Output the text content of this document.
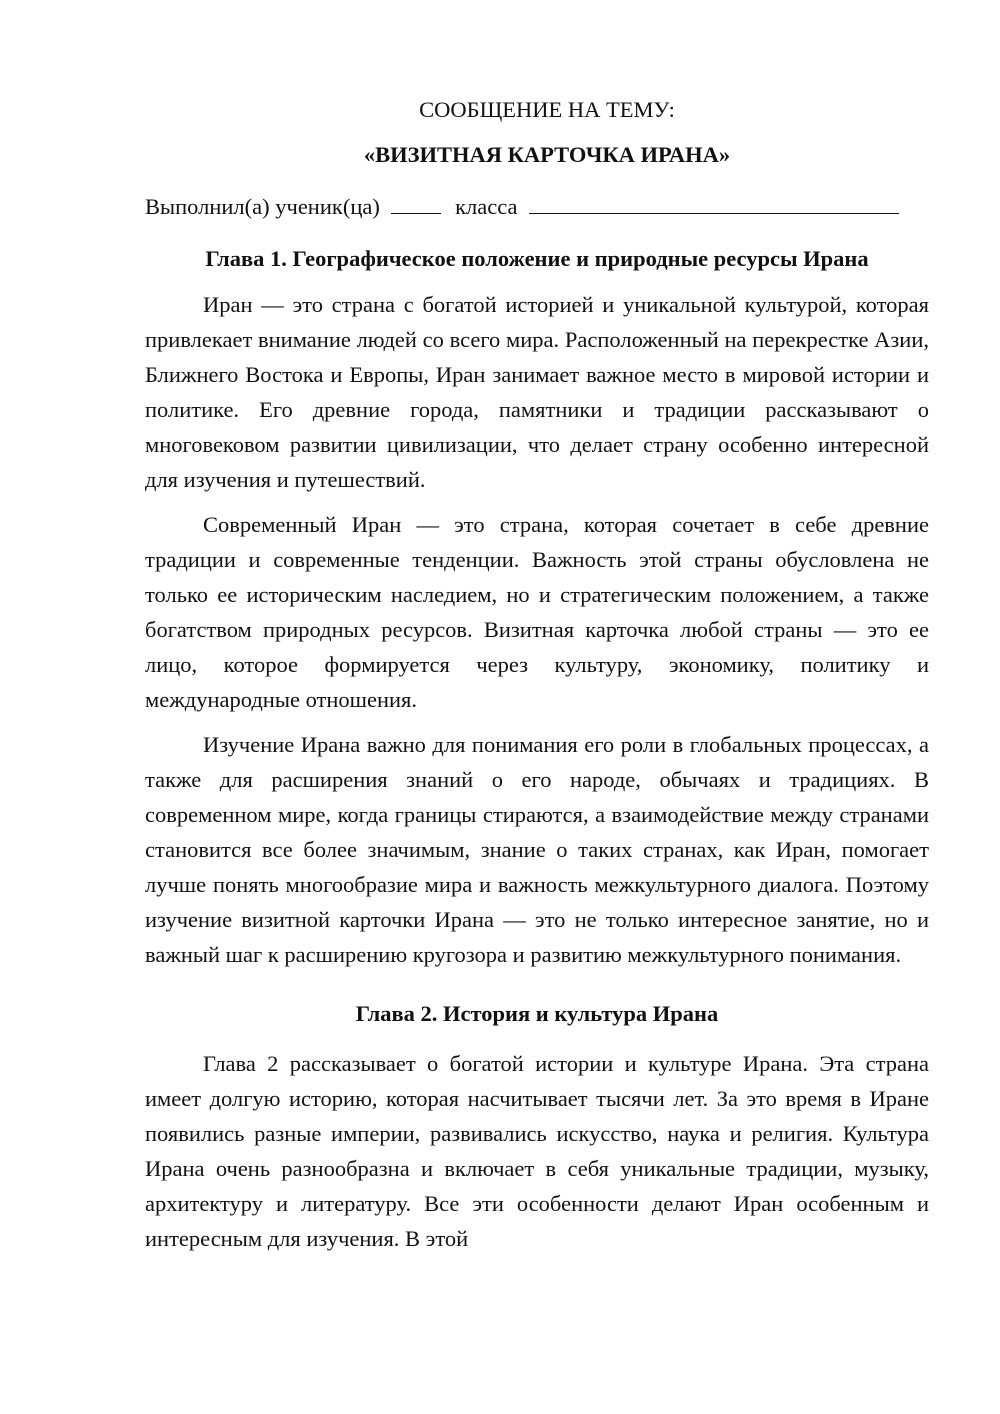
СООБЩЕНИЕ НА ТЕМУ:

«ВИЗИТНАЯ КАРТОЧКА ИРАНА»

Выполнил(а) ученик(ца)	класса

Глава 1. Географическое положение и природные ресурсы Ирана

Иран — это страна с богатой историей и уникальной культурой, которая привлекает внимание людей со всего мира. Расположенный на перекрестке Азии, Ближнего Востока и Европы, Иран занимает важное место в мировой истории и политике. Его древние города, памятники и традиции рассказывают о многовековом развитии цивилизации, что делает страну особенно интересной для изучения и путешествий.

Современный Иран — это страна, которая сочетает в себе древние традиции и современные тенденции. Важность этой страны обусловлена не только ее историческим наследием, но и стратегическим положением, а также богатством природных ресурсов. Визитная карточка любой страны — это ее лицо, которое формируется через культуру, экономику, политику и международные отношения.

Изучение Ирана важно для понимания его роли в глобальных процессах, а также для расширения знаний о его народе, обычаях и традициях. В современном мире, когда границы стираются, а взаимодействие между странами становится все более значимым, знание о таких странах, как Иран, помогает лучше понять многообразие мира и важность межкультурного диалога. Поэтому изучение визитной карточки Ирана — это не только интересное занятие, но и важный шаг к расширению кругозора и развитию межкультурного понимания.

Глава 2. История и культура Ирана

Глава 2 рассказывает о богатой истории и культуре Ирана. Эта страна имеет долгую историю, которая насчитывает тысячи лет. За это время в Иране появились разные империи, развивались искусство, наука и религия. Культура Ирана очень разнообразна и включает в себя уникальные традиции, музыку, архитектуру и литературу. Все эти особенности делают Иран особенным и интересным для изучения. В этой
